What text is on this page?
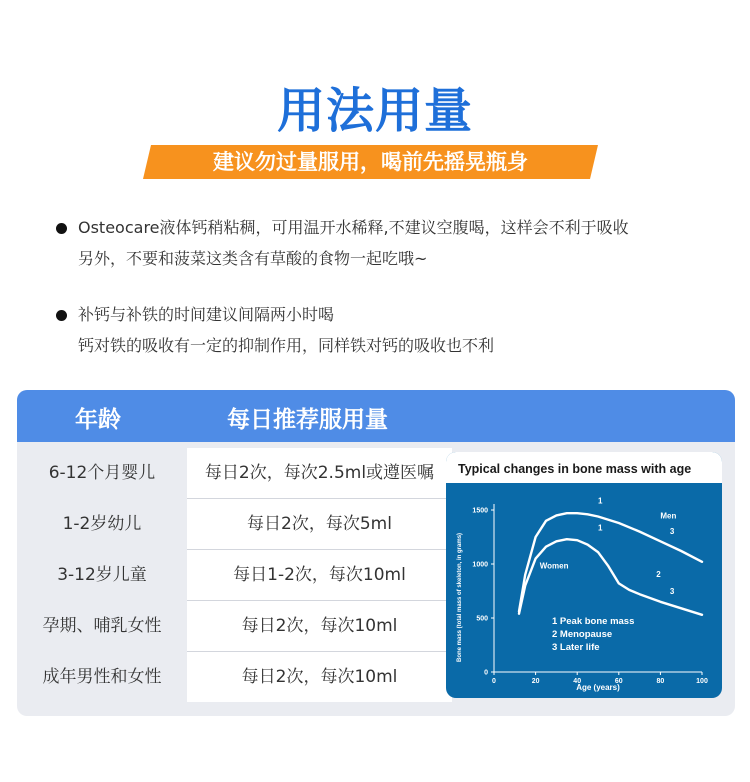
用法用量
建议勿过量服用，喝前先摇晃瓶身
Osteocare液体钙稍粘稠，可用温开水稀释,不建议空腹喝，这样会不利于吸收
另外，不要和菠菜这类含有草酸的食物一起吃哦~
补钙与补铁的时间建议间隔两小时喝
钙对铁的吸收有一定的抑制作用，同样铁对钙的吸收也不利
年龄	每日推荐服用量
6-12个月婴儿	每日2次，每次2.5ml或遵医嘱
1-2岁幼儿	每日2次，每次5ml
3-12岁儿童	每日1-2次，每次10ml
孕期、哺乳女性	每日2次，每次10ml
成年男性和女性	每日2次，每次10ml
Typical changes in bone mass with age
Bone mass (total mass of skeleton, in grams)
Age (years)
0	20	40	60	80	100
0
500
1000
1500
Men
Women
1
3
1
2
3
1 Peak bone mass
2 Menopause
3 Later life
